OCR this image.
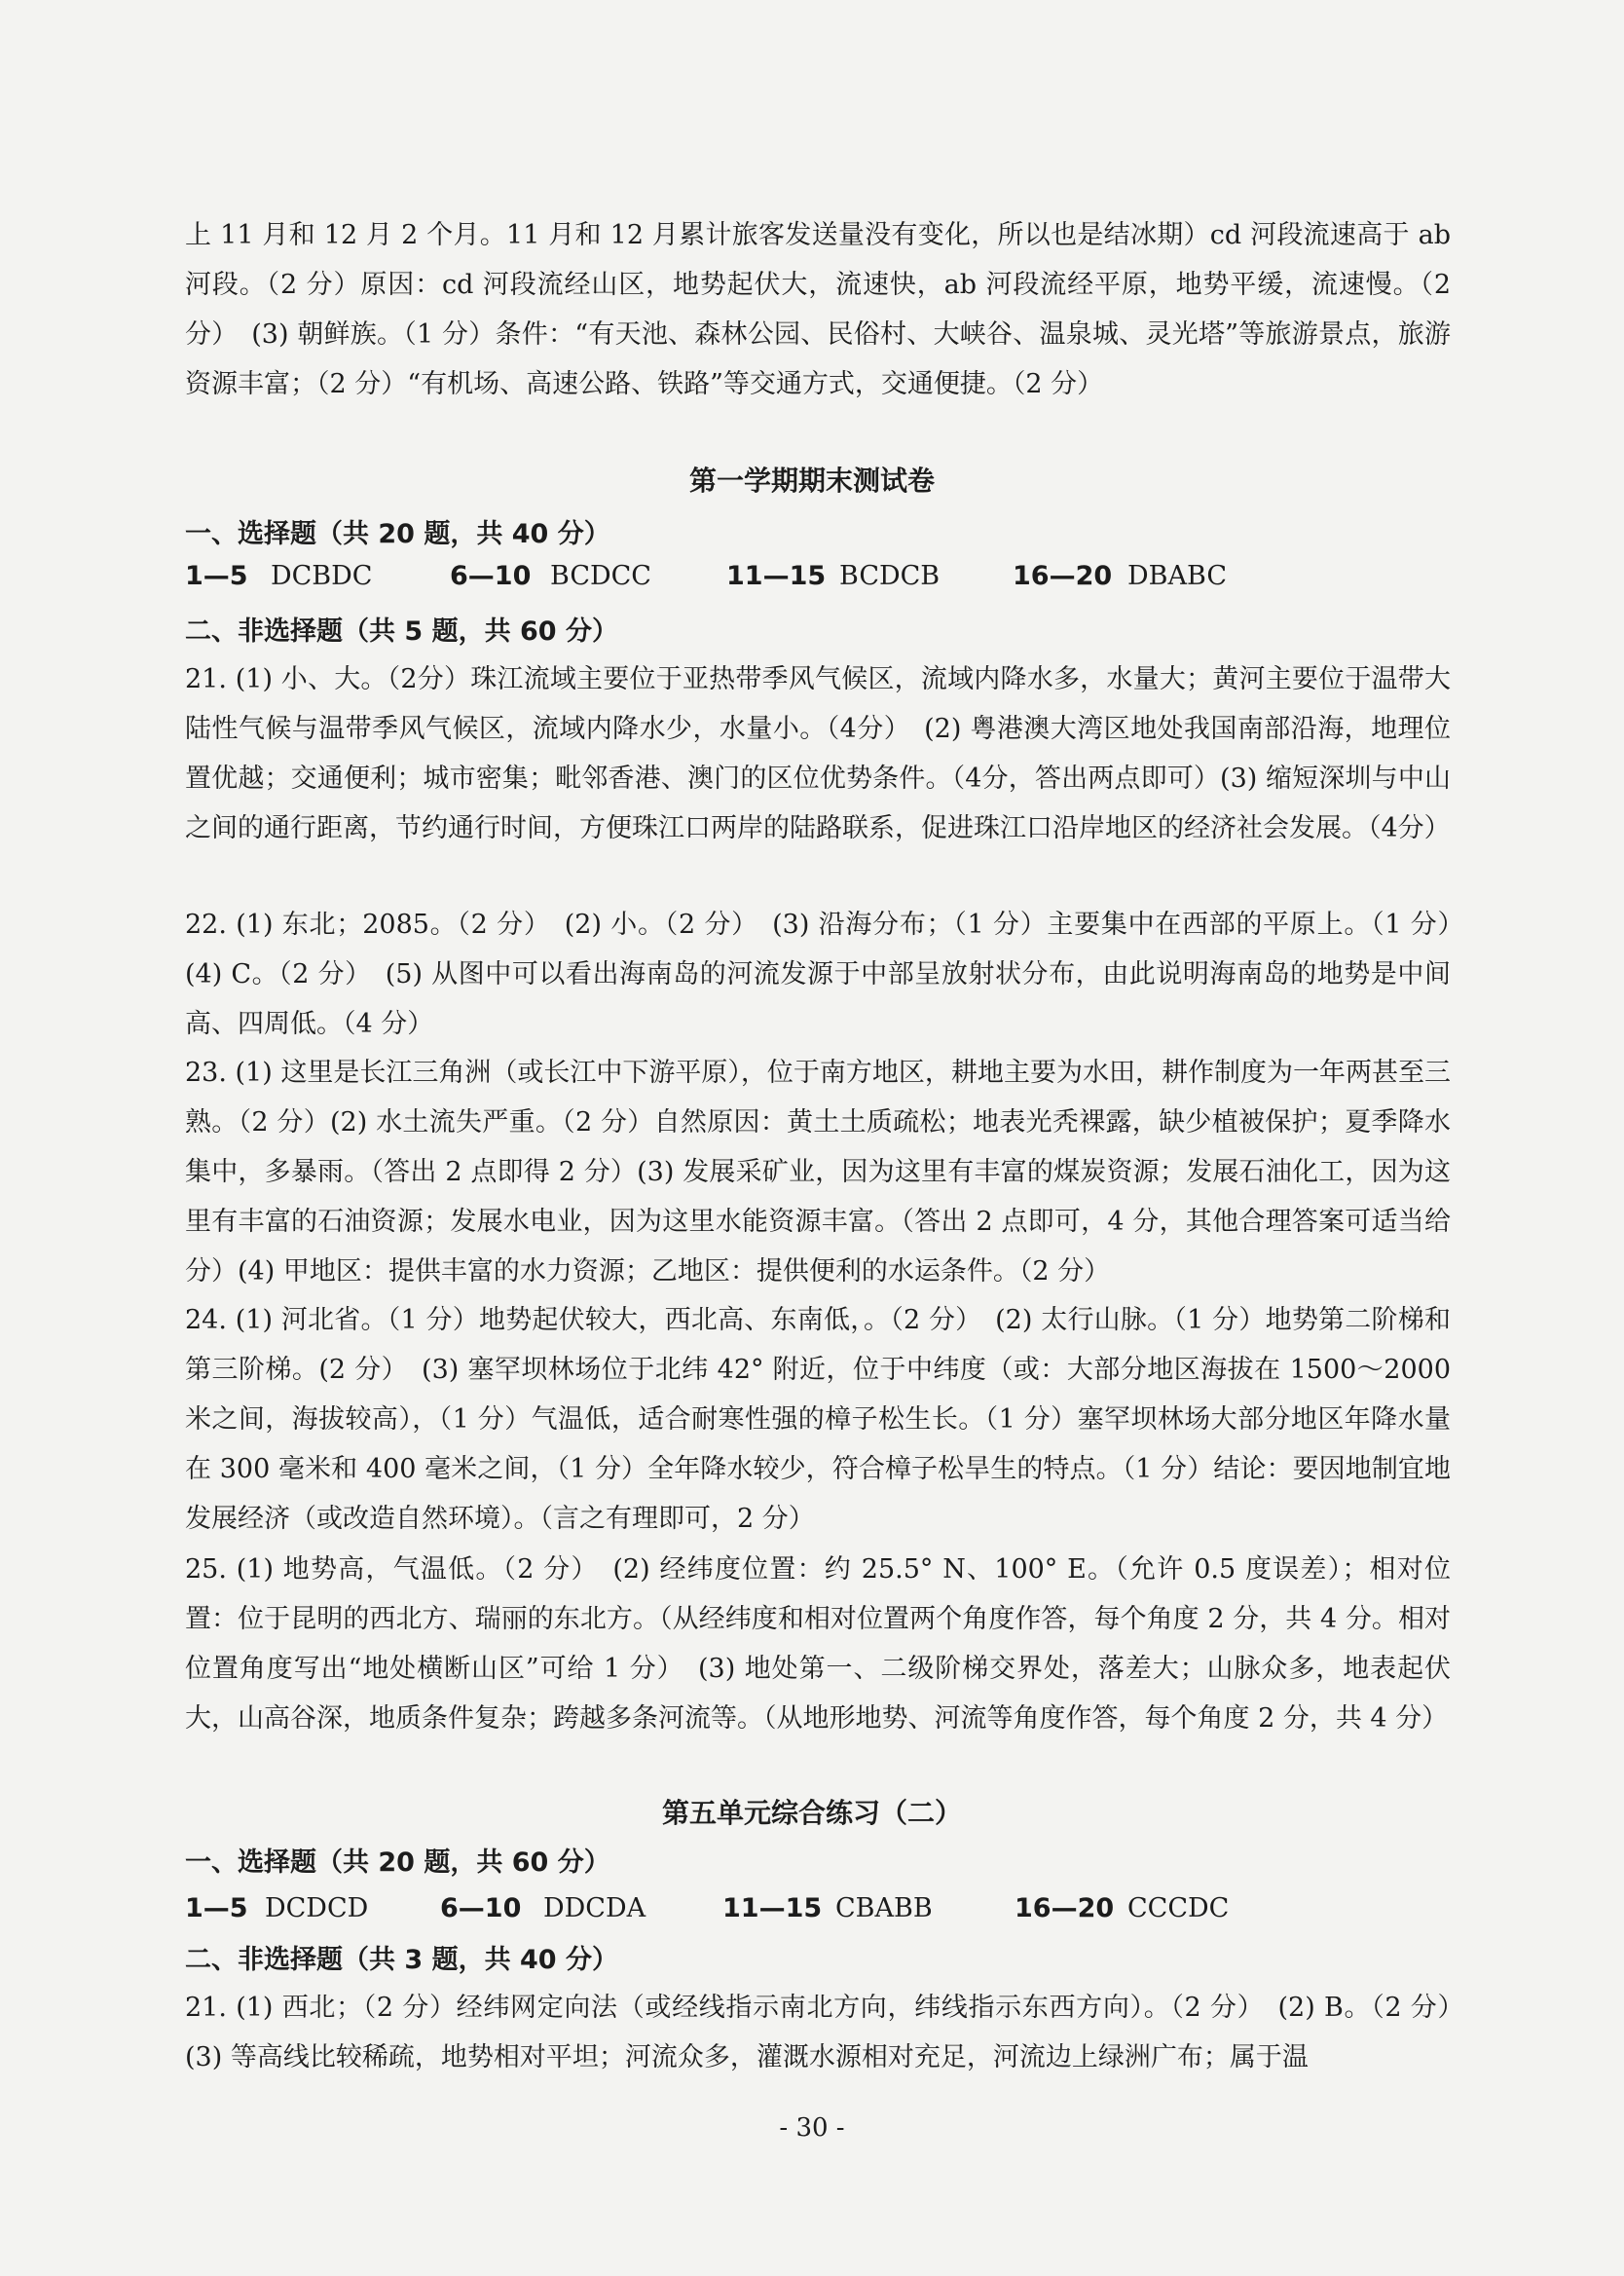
上 11 月和 12 月 2 个月。11 月和 12 月累计旅客发送量没有变化，所以也是结冰期）cd 河段流速高于 ab 河段。（2 分）原因：cd 河段流经山区，地势起伏大，流速快，ab 河段流经平原，地势平缓，流速慢。（2 分）　(3) 朝鲜族。（1 分）条件：“有天池、森林公园、民俗村、大峡谷、温泉城、灵光塔”等旅游景点，旅游资源丰富；（2 分）“有机场、高速公路、铁路”等交通方式，交通便捷。（2 分）

第一学期期末测试卷

一、选择题（共 20 题，共 40 分）

1—5 DCBDC	6—10 BCDCC	11—15 BCDCB	16—20 DBABC

二、非选择题（共 5 题，共 60 分）

21. (1) 小、大。（2分）珠江流域主要位于亚热带季风气候区，流域内降水多，水量大；黄河主要位于温带大陆性气候与温带季风气候区，流域内降水少，水量小。（4分）　(2) 粤港澳大湾区地处我国南部沿海，地理位置优越；交通便利；城市密集；毗邻香港、澳门的区位优势条件。（4分，答出两点即可）(3) 缩短深圳与中山之间的通行距离，节约通行时间，方便珠江口两岸的陆路联系，促进珠江口沿岸地区的经济社会发展。（4分）

22. (1) 东北；2085。（2 分）　(2) 小。（2 分）　(3) 沿海分布；（1 分）主要集中在西部的平原上。（1 分）　(4) C。（2 分）　(5) 从图中可以看出海南岛的河流发源于中部呈放射状分布，由此说明海南岛的地势是中间高、四周低。（4 分）

23. (1) 这里是长江三角洲（或长江中下游平原），位于南方地区，耕地主要为水田，耕作制度为一年两甚至三熟。（2 分）(2) 水土流失严重。（2 分）自然原因：黄土土质疏松；地表光秃裸露，缺少植被保护；夏季降水集中，多暴雨。（答出 2 点即得 2 分）(3) 发展采矿业，因为这里有丰富的煤炭资源；发展石油化工，因为这里有丰富的石油资源；发展水电业，因为这里水能资源丰富。（答出 2 点即可，4 分，其他合理答案可适当给分）(4) 甲地区：提供丰富的水力资源；乙地区：提供便利的水运条件。（2 分）

24. (1) 河北省。（1 分）地势起伏较大，西北高、东南低，。（2 分）　(2) 太行山脉。（1 分）地势第二阶梯和第三阶梯。(2 分）　(3) 塞罕坝林场位于北纬 42° 附近，位于中纬度（或：大部分地区海拔在 1500～2000 米之间，海拔较高），（1 分）气温低，适合耐寒性强的樟子松生长。（1 分）塞罕坝林场大部分地区年降水量在 300 毫米和 400 毫米之间，（1 分）全年降水较少，符合樟子松旱生的特点。（1 分）结论：要因地制宜地发展经济（或改造自然环境）。（言之有理即可，2 分）

25. (1) 地势高，气温低。（2 分）　(2) 经纬度位置：约 25.5° N、100° E。（允许 0.5 度误差）；相对位置：位于昆明的西北方、瑞丽的东北方。（从经纬度和相对位置两个角度作答，每个角度 2 分，共 4 分。相对位置角度写出“地处横断山区”可给 1 分）　(3) 地处第一、二级阶梯交界处，落差大；山脉众多，地表起伏大，山高谷深，地质条件复杂；跨越多条河流等。（从地形地势、河流等角度作答，每个角度 2 分，共 4 分）

第五单元综合练习（二）

一、选择题（共 20 题，共 60 分）

1—5 DCDCD	6—10 DDCDA	11—15 CBABB	16—20 CCCDC

二、非选择题（共 3 题，共 40 分）

21. (1) 西北；（2 分）经纬网定向法（或经线指示南北方向，纬线指示东西方向）。（2 分）　(2) B。（2 分）　(3) 等高线比较稀疏，地势相对平坦；河流众多，灌溉水源相对充足，河流边上绿洲广布；属于温

- 30 -
